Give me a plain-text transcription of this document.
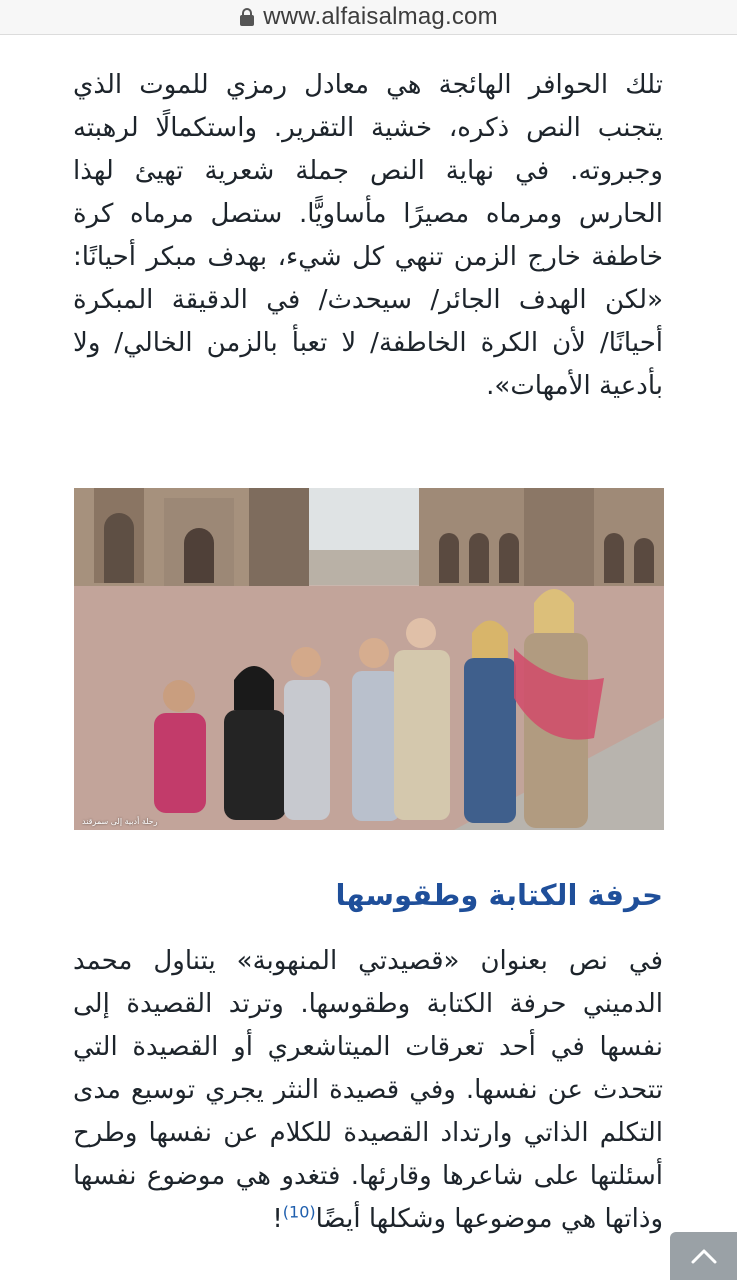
www.alfaisalmag.com
تلك الحوافر الهائجة هي معادل رمزي للموت الذي يتجنب النص ذكره، خشية التقرير. واستكمالًا لرهبته وجبروته. في نهاية النص جملة شعرية تهيئ لهذا الحارس ومرماه مصيرًا مأساويًّا. ستصل مرماه كرة خاطفة خارج الزمن تنهي كل شيء، بهدف مبكر أحيانًا: «لكن الهدف الجائر/ سيحدث/ في الدقيقة المبكرة أحيانًا/ لأن الكرة الخاطفة/ لا تعبأ بالزمن الخالي/ ولا بأدعية الأمهات».
رحلة أدبية إلى سمرقند
حرفة الكتابة وطقوسها
في نص بعنوان «قصيدتي المنهوبة» يتناول محمد الدميني حرفة الكتابة وطقوسها. وترتد القصيدة إلى نفسها في أحد تعرقات الميتاشعري أو القصيدة التي تتحدث عن نفسها. وفي قصيدة النثر يجري توسيع مدى التكلم الذاتي وارتداد القصيدة للكلام عن نفسها وطرح أسئلتها على شاعرها وقارئها. فتغدو هي موضوع نفسها وذاتها هي موضوعها وشكلها أيضًا$^{(10)}$!
